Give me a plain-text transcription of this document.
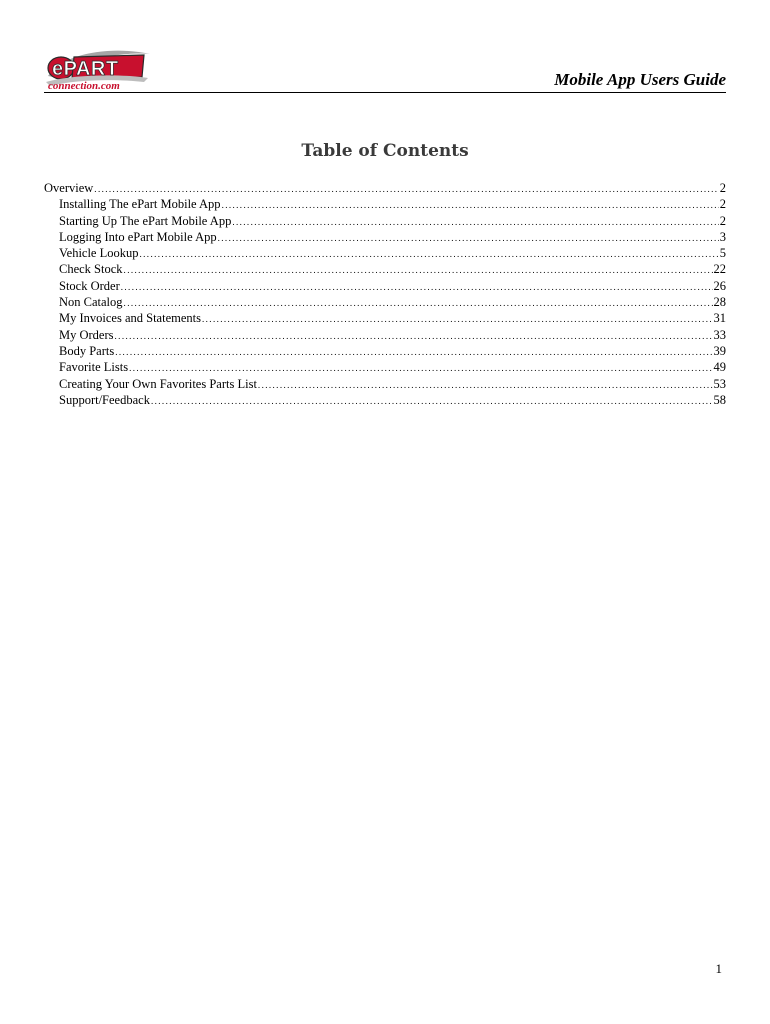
ePART
connection.com	Mobile App Users Guide
Table of Contents
Overview .....	2
Installing The ePart Mobile App .....	2
Starting Up The ePart Mobile App .....	2
Logging Into ePart Mobile App .....	3
Vehicle Lookup .....	5
Check Stock .....	22
Stock Order .....	26
Non Catalog .....	28
My Invoices and Statements .....	31
My Orders .....	33
Body Parts .....	39
Favorite Lists .....	49
Creating Your Own Favorites Parts List .....	53
Support/Feedback .....	58
1
